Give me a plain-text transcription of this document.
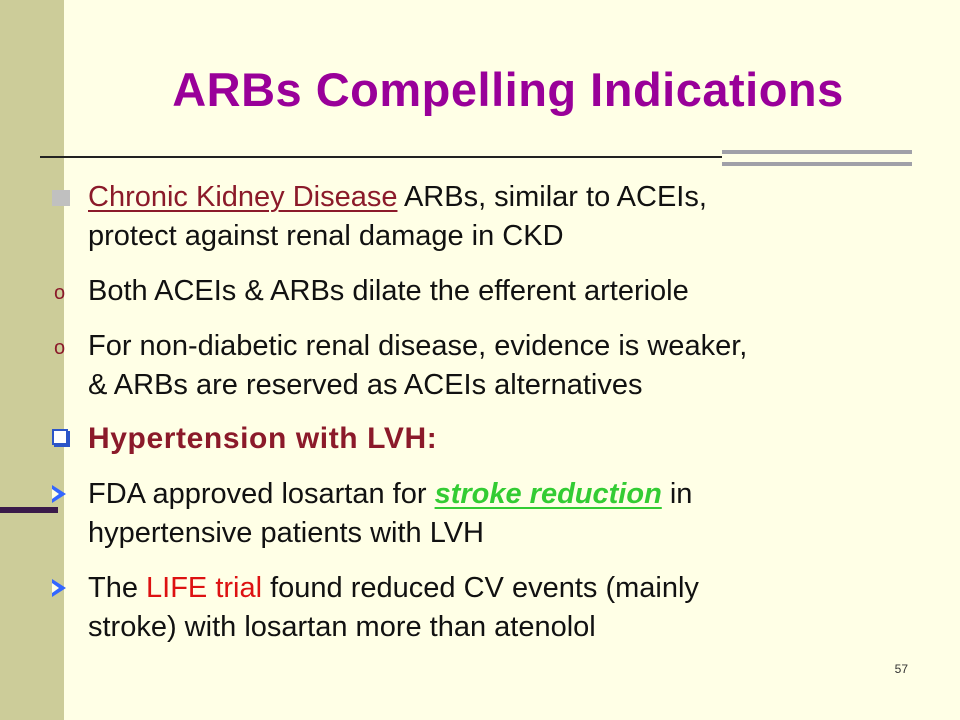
ARBs Compelling Indications
Chronic Kidney Disease ARBs, similar to ACEIs,
protect against renal damage in CKD
o Both ACEIs & ARBs dilate the efferent arteriole
o For non-diabetic renal disease, evidence is weaker,
& ARBs are reserved as ACEIs alternatives
Hypertension with LVH:
FDA approved losartan for stroke reduction in
hypertensive patients with LVH
The LIFE trial found reduced CV events (mainly
stroke) with losartan more than atenolol
57
